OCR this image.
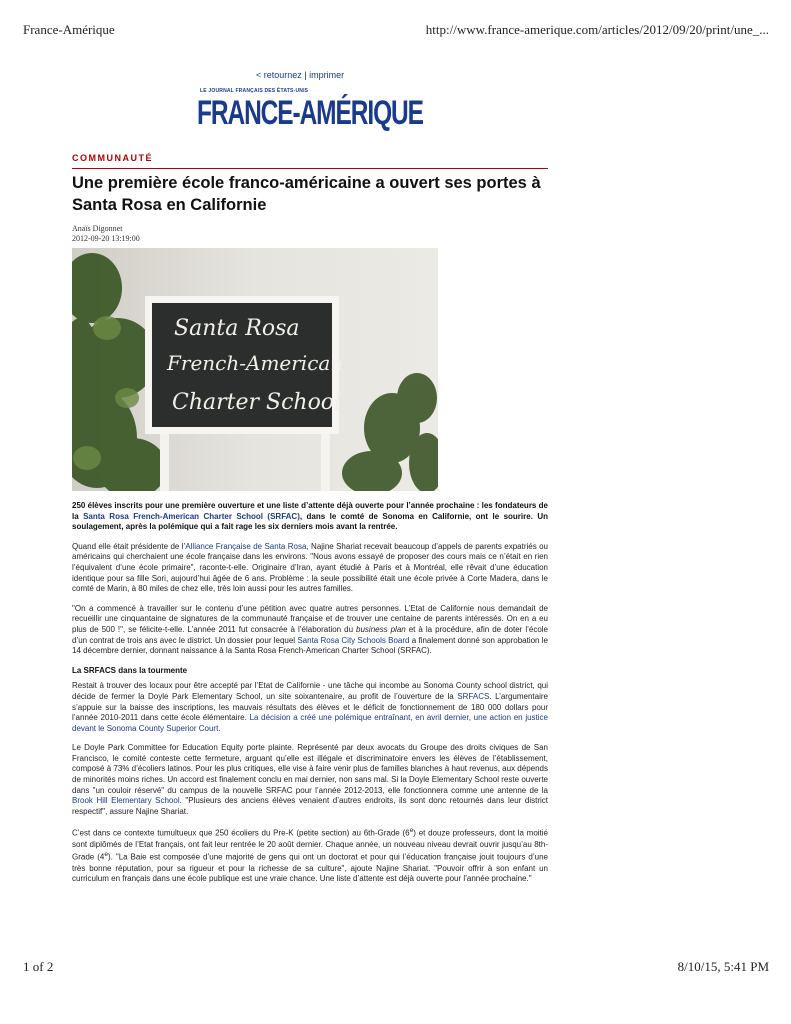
France-Amérique	http://www.france-amerique.com/articles/2012/09/20/print/une_...
< retournez | imprimer
LE JOURNAL FRANÇAIS DES ÉTATS-UNIS
FRANCE-AMÉRIQUE
COMMUNAUTÉ
Une première école franco-américaine a ouvert ses portes à Santa Rosa en Californie
Anaïs Digonnet
2012-09-20 13:19:00
Santa Rosa
French-American
Charter School

250 élèves inscrits pour une première ouverture et une liste d’attente déjà ouverte pour l’année prochaine : les fondateurs de la Santa Rosa French-American Charter School (SRFAC), dans le comté de Sonoma en Californie, ont le sourire. Un soulagement, après la polémique qui a fait rage les six derniers mois avant la rentrée.

Quand elle était présidente de l’Alliance Française de Santa Rosa, Najine Shariat recevait beaucoup d’appels de parents expatriés ou américains qui cherchaient une école française dans les environs. "Nous avons essayé de proposer des cours mais ce n’était en rien l’équivalent d’une école primaire", raconte-t-elle. Originaire d’Iran, ayant étudié à Paris et à Montréal, elle rêvait d’une éducation identique pour sa fille Sori, aujourd’hui âgée de 6 ans. Problème : la seule possibilité était une école privée à Corte Madera, dans le comté de Marin, à 80 miles de chez elle, très loin aussi pour les autres familles.

"On a commencé à travailler sur le contenu d’une pétition avec quatre autres personnes. L’Etat de Californie nous demandait de recueillir une cinquantaine de signatures de la communauté française et de trouver une centaine de parents intéressés. On en a eu plus de 500 !", se félicite-t-elle. L’année 2011 fut consacrée à l’élaboration du business plan et à la procédure, afin de doter l’école d’un contrat de trois ans avec le district. Un dossier pour lequel Santa Rosa City Schools Board a finalement donné son approbation le 14 décembre dernier, donnant naissance à la Santa Rosa French-American Charter School (SRFAC).

La SRFACS dans la tourmente

Restait à trouver des locaux pour être accepté par l’Etat de Californie - une tâche qui incombe au Sonoma County school district, qui décide de fermer la Doyle Park Elementary School, un site soixantenaire, au profit de l’ouverture de la SRFACS. L’argumentaire s’appuie sur la baisse des inscriptions, les mauvais résultats des élèves et le déficit de fonctionnement de 180 000 dollars pour l’année 2010-2011 dans cette école élémentaire. La décision a créé une polémique entraînant, en avril dernier, une action en justice devant le Sonoma County Superior Court.

Le Doyle Park Committee for Education Equity porte plainte. Représenté par deux avocats du Groupe des droits civiques de San Francisco, le comité conteste cette fermeture, arguant qu’elle est illégale et discriminatoire envers les élèves de l’établissement, composé à 73% d’écoliers latinos. Pour les plus critiques, elle vise à faire venir plus de familles blanches à haut revenus, aux dépends de minorités moins riches. Un accord est finalement conclu en mai dernier, non sans mal. Si la Doyle Elementary School reste ouverte dans "un couloir réservé" du campus de la nouvelle SRFAC pour l’année 2012-2013, elle fonctionnera comme une antenne de la Brook Hill Elementary School. "Plusieurs des anciens élèves venaient d’autres endroits, ils sont donc retournés dans leur district respectif", assure Najine Shariat.

C’est dans ce contexte tumultueux que 250 écoliers du Pre-K (petite section) au 6th-Grade (6e) et douze professeurs, dont la moitié sont diplômés de l’Etat français, ont fait leur rentrée le 20 août dernier. Chaque année, un nouveau niveau devrait ouvrir jusqu’au 8th-Grade (4e). "La Baie est composée d’une majorité de gens qui ont un doctorat et pour qui l’éducation française jouit toujours d’une très bonne réputation, pour sa rigueur et pour la richesse de sa culture", ajoute Najine Shariat. "Pouvoir offrir à son enfant un curriculum en français dans une école publique est une vraie chance. Une liste d’attente est déjà ouverte pour l’année prochaine."

1 of 2	8/10/15, 5:41 PM
